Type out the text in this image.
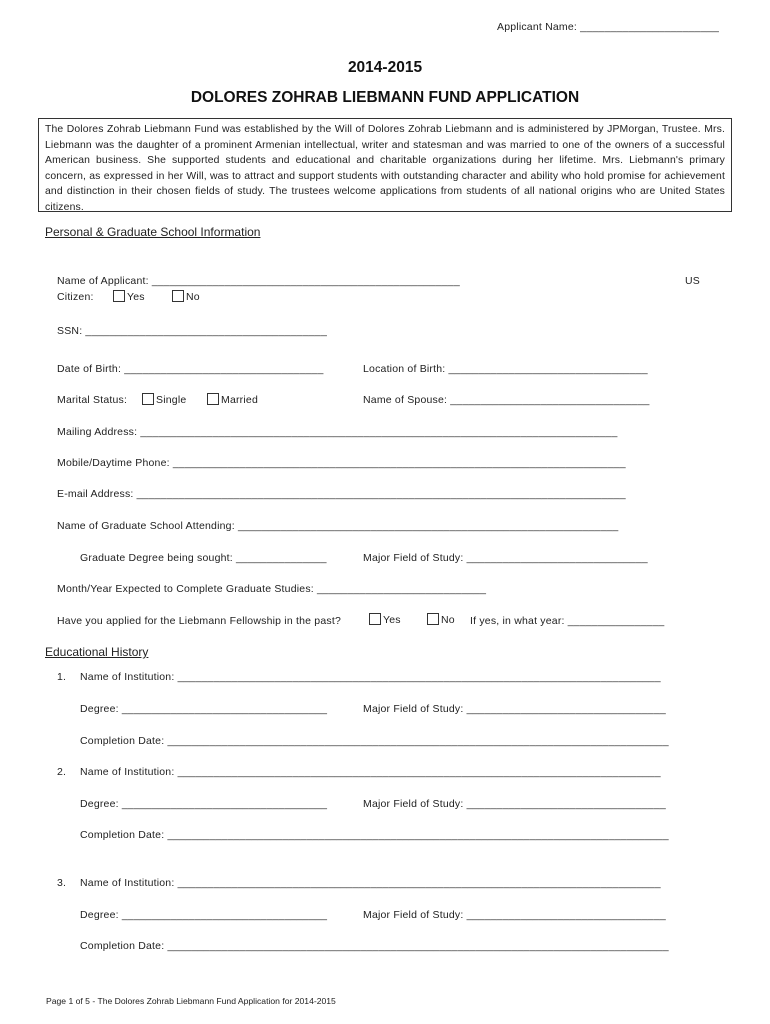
Applicant Name: _______________________
2014-2015
DOLORES ZOHRAB LIEBMANN FUND APPLICATION
The Dolores Zohrab Liebmann Fund was established by the Will of Dolores Zohrab Liebmann and is administered by JPMorgan, Trustee. Mrs. Liebmann was the daughter of a prominent Armenian intellectual, writer and statesman and was married to one of the owners of a successful American business. She supported students and educational and charitable organizations during her lifetime. Mrs. Liebmann's primary concern, as expressed in her Will, was to attract and support students with outstanding character and ability who hold promise for achievement and distinction in their chosen fields of study. The trustees welcome applications from students of all national origins who are United States citizens.
Personal & Graduate School Information
Name of Applicant: ___________________________________________________	US
Citizen:	Yes	No
SSN: ________________________________________
Date of Birth: _________________________________	Location of Birth: _________________________________
Marital Status:	Single	Married	Name of Spouse: _________________________________
Mailing Address: _______________________________________________________________________________
Mobile/Daytime Phone: ___________________________________________________________________________
E-mail Address: _________________________________________________________________________________
Name of Graduate School Attending: _______________________________________________________________
Graduate Degree being sought: _______________	Major Field of Study: ______________________________
Month/Year Expected to Complete Graduate Studies: ____________________________
Have you applied for the Liebmann Fellowship in the past?	Yes	No If yes, in what year: ________________
Educational History
1. Name of Institution: ________________________________________________________________________________
Degree: __________________________________	Major Field of Study: _________________________________
Completion Date: ___________________________________________________________________________________
2. Name of Institution: ________________________________________________________________________________
Degree: __________________________________	Major Field of Study: _________________________________
Completion Date: ___________________________________________________________________________________
3. Name of Institution: ________________________________________________________________________________
Degree: __________________________________	Major Field of Study: _________________________________
Completion Date: ___________________________________________________________________________________
Page 1 of 5 - The Dolores Zohrab Liebmann Fund Application for 2014-2015
